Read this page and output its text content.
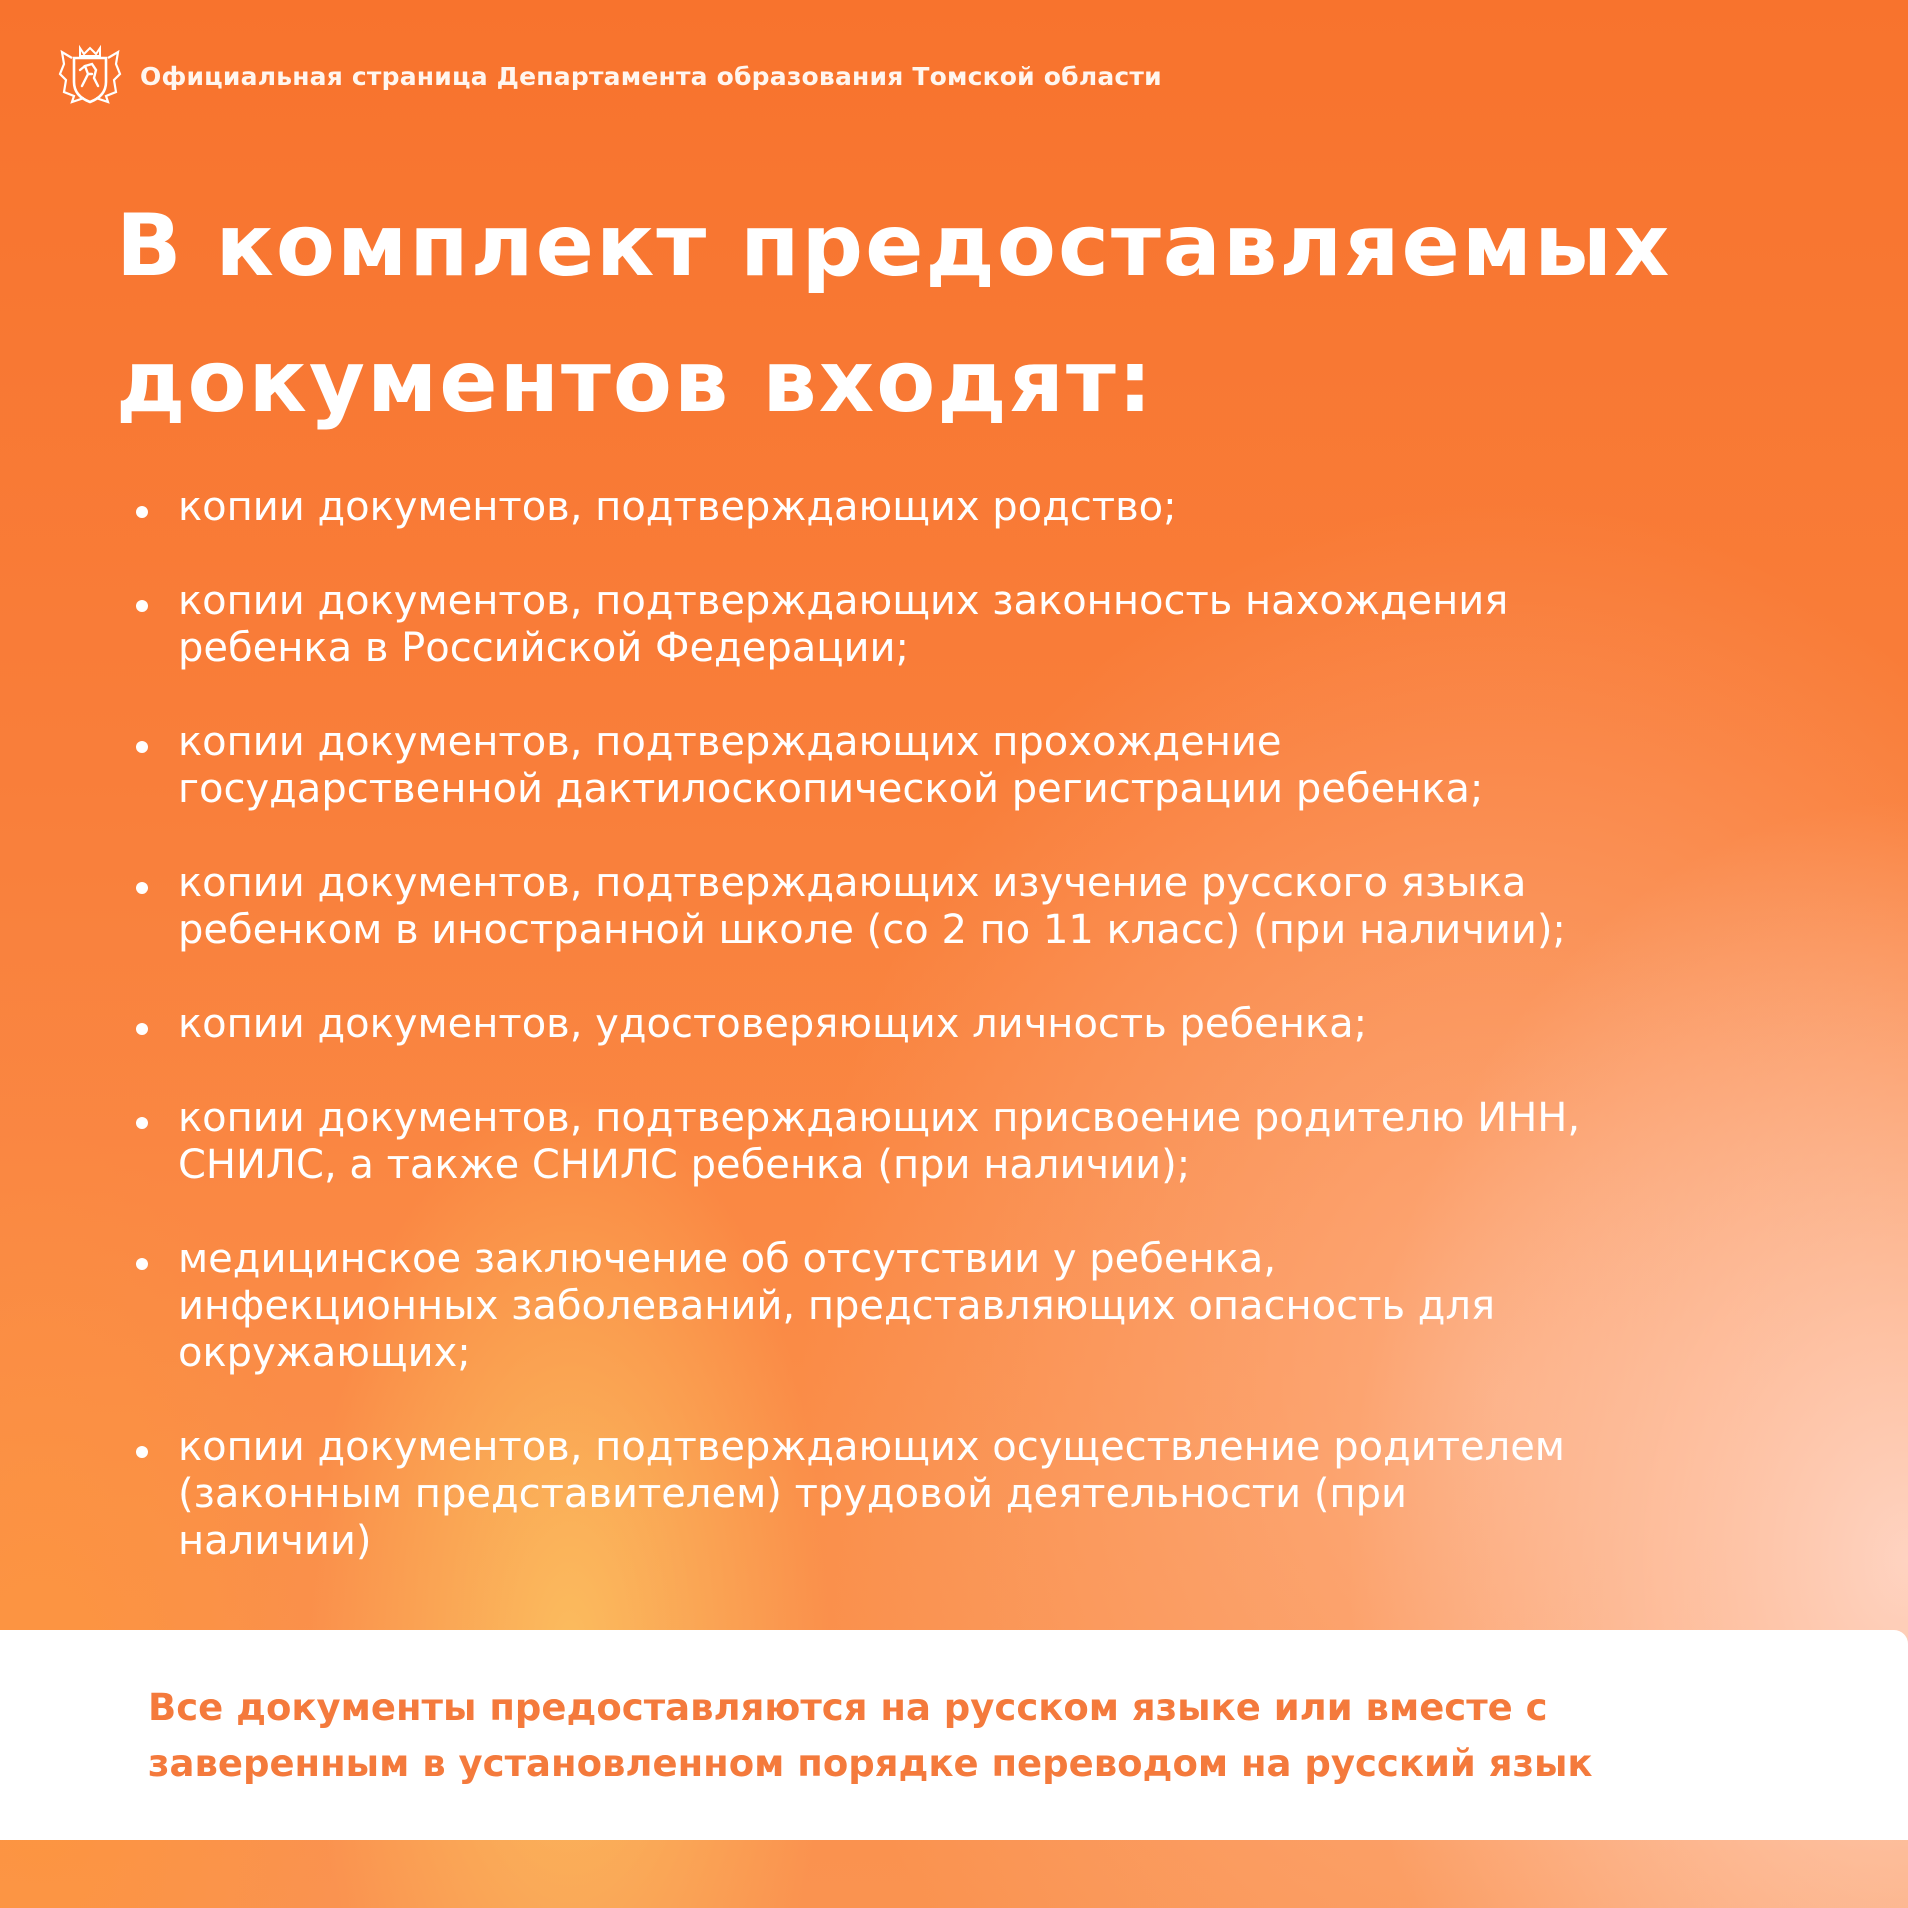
Официальная страница Департамента образования Томской области
В комплект предоставляемых
документов входят:
копии документов, подтверждающих родство;
копии документов, подтверждающих законность нахождения
ребенка в Российской Федерации;
копии документов, подтверждающих прохождение
государственной дактилоскопической регистрации ребенка;
копии документов, подтверждающих изучение русского языка
ребенком в иностранной школе (со 2 по 11 класс) (при наличии);
копии документов, удостоверяющих личность ребенка;
копии документов, подтверждающих присвоение родителю ИНН,
СНИЛС, а также СНИЛС ребенка (при наличии);
медицинское заключение об отсутствии у ребенка,
инфекционных заболеваний, представляющих опасность для
окружающих;
копии документов, подтверждающих осуществление родителем
(законным представителем) трудовой деятельности (при
наличии)
Все документы предоставляются на русском языке или вместе с
заверенным в установленном порядке переводом на русский язык
